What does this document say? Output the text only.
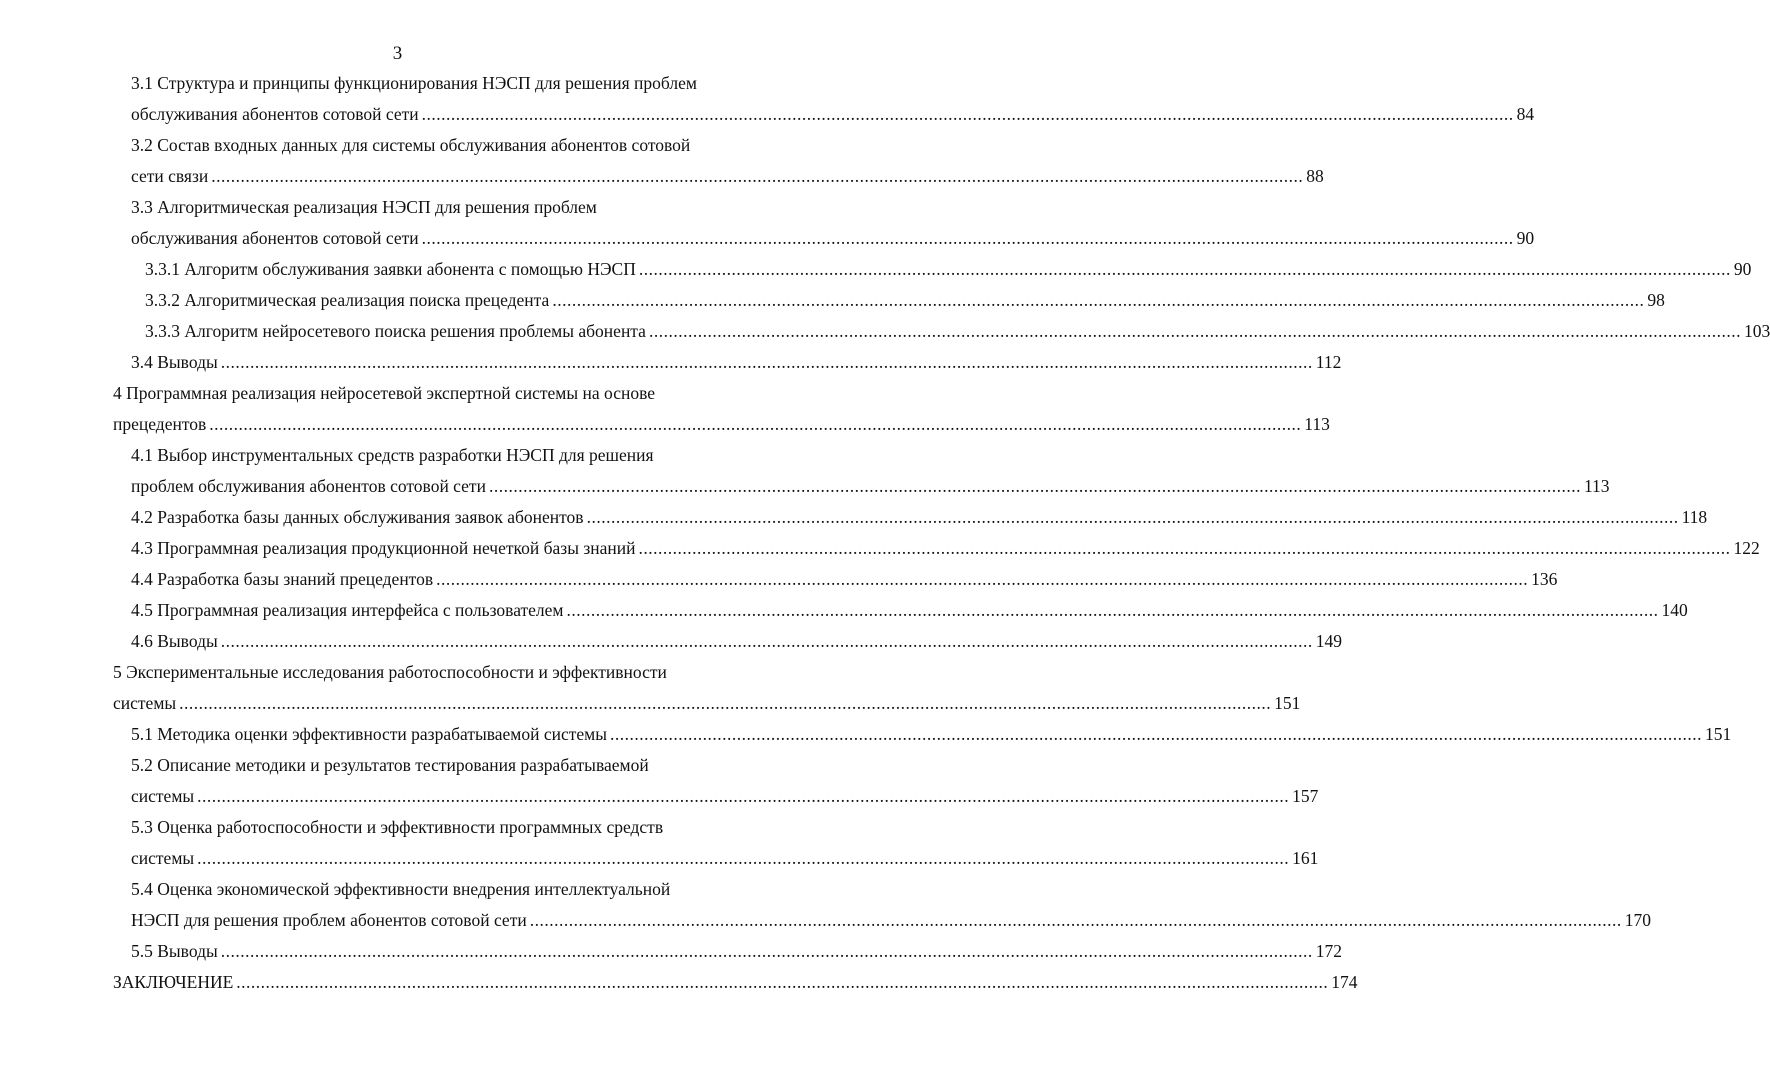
3
3.1 Структура и принципы функционирования НЭСП для решения проблем
обслуживания абонентов сотовой сети .....	84
3.2 Состав входных данных для системы обслуживания абонентов сотовой
сети связи .....	88
3.3 Алгоритмическая реализация НЭСП для решения проблем
обслуживания абонентов сотовой сети .....	90
3.3.1 Алгоритм обслуживания заявки абонента с помощью НЭСП .....	90
3.3.2 Алгоритмическая реализация поиска прецедента .....	98
3.3.3 Алгоритм нейросетевого поиска решения проблемы абонента .....	103
3.4 Выводы .....	112
4 Программная реализация нейросетевой экспертной системы на основе
прецедентов .....	113
4.1 Выбор инструментальных средств разработки НЭСП для решения
проблем обслуживания абонентов сотовой сети .....	113
4.2 Разработка базы данных обслуживания заявок абонентов .....	118
4.3 Программная реализация продукционной нечеткой базы знаний .....	122
4.4 Разработка базы знаний прецедентов .....	136
4.5 Программная реализация интерфейса с пользователем .....	140
4.6 Выводы .....	149
5 Экспериментальные исследования работоспособности и эффективности
системы .....	151
5.1 Методика оценки эффективности разрабатываемой системы .....	151
5.2 Описание методики и результатов тестирования разрабатываемой
системы .....	157
5.3 Оценка работоспособности и эффективности программных средств
системы .....	161
5.4 Оценка экономической эффективности внедрения интеллектуальной
НЭСП для решения проблем абонентов сотовой сети .....	170
5.5 Выводы .....	172
ЗАКЛЮЧЕНИЕ .....	174
